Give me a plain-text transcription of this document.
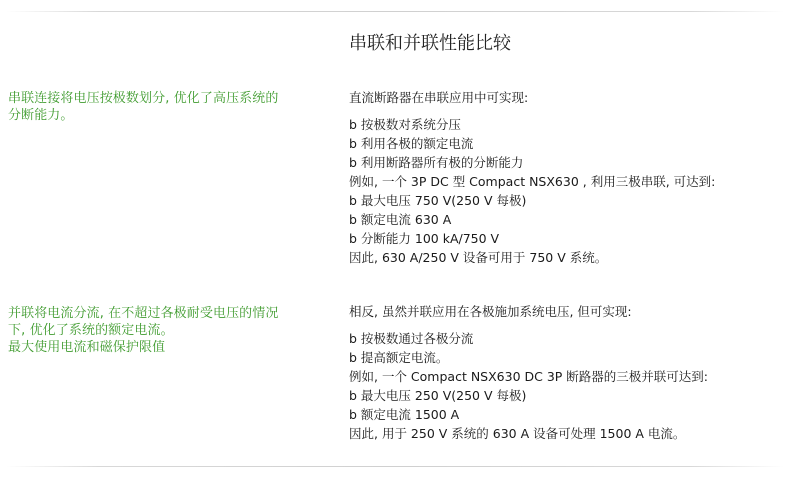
串联和并联性能比较
串联连接将电压按极数划分, 优化了高压系统的
分断能力。
直流断路器在串联应用中可实现:
b 按极数对系统分压
b 利用各极的额定电流
b 利用断路器所有极的分断能力
例如, 一个 3P DC 型 Compact NSX630 , 利用三极串联, 可达到:
b 最大电压 750 V(250 V 每极)
b 额定电流 630 A
b 分断能力 100 kA/750 V
因此, 630 A/250 V 设备可用于 750 V 系统。
并联将电流分流, 在不超过各极耐受电压的情况
下, 优化了系统的额定电流。
最大使用电流和磁保护限值
相反, 虽然并联应用在各极施加系统电压, 但可实现:
b 按极数通过各极分流
b 提高额定电流。
例如, 一个 Compact NSX630 DC 3P 断路器的三极并联可达到:
b 最大电压 250 V(250 V 每极)
b 额定电流 1500 A
因此, 用于 250 V 系统的 630 A 设备可处理 1500 A 电流。
